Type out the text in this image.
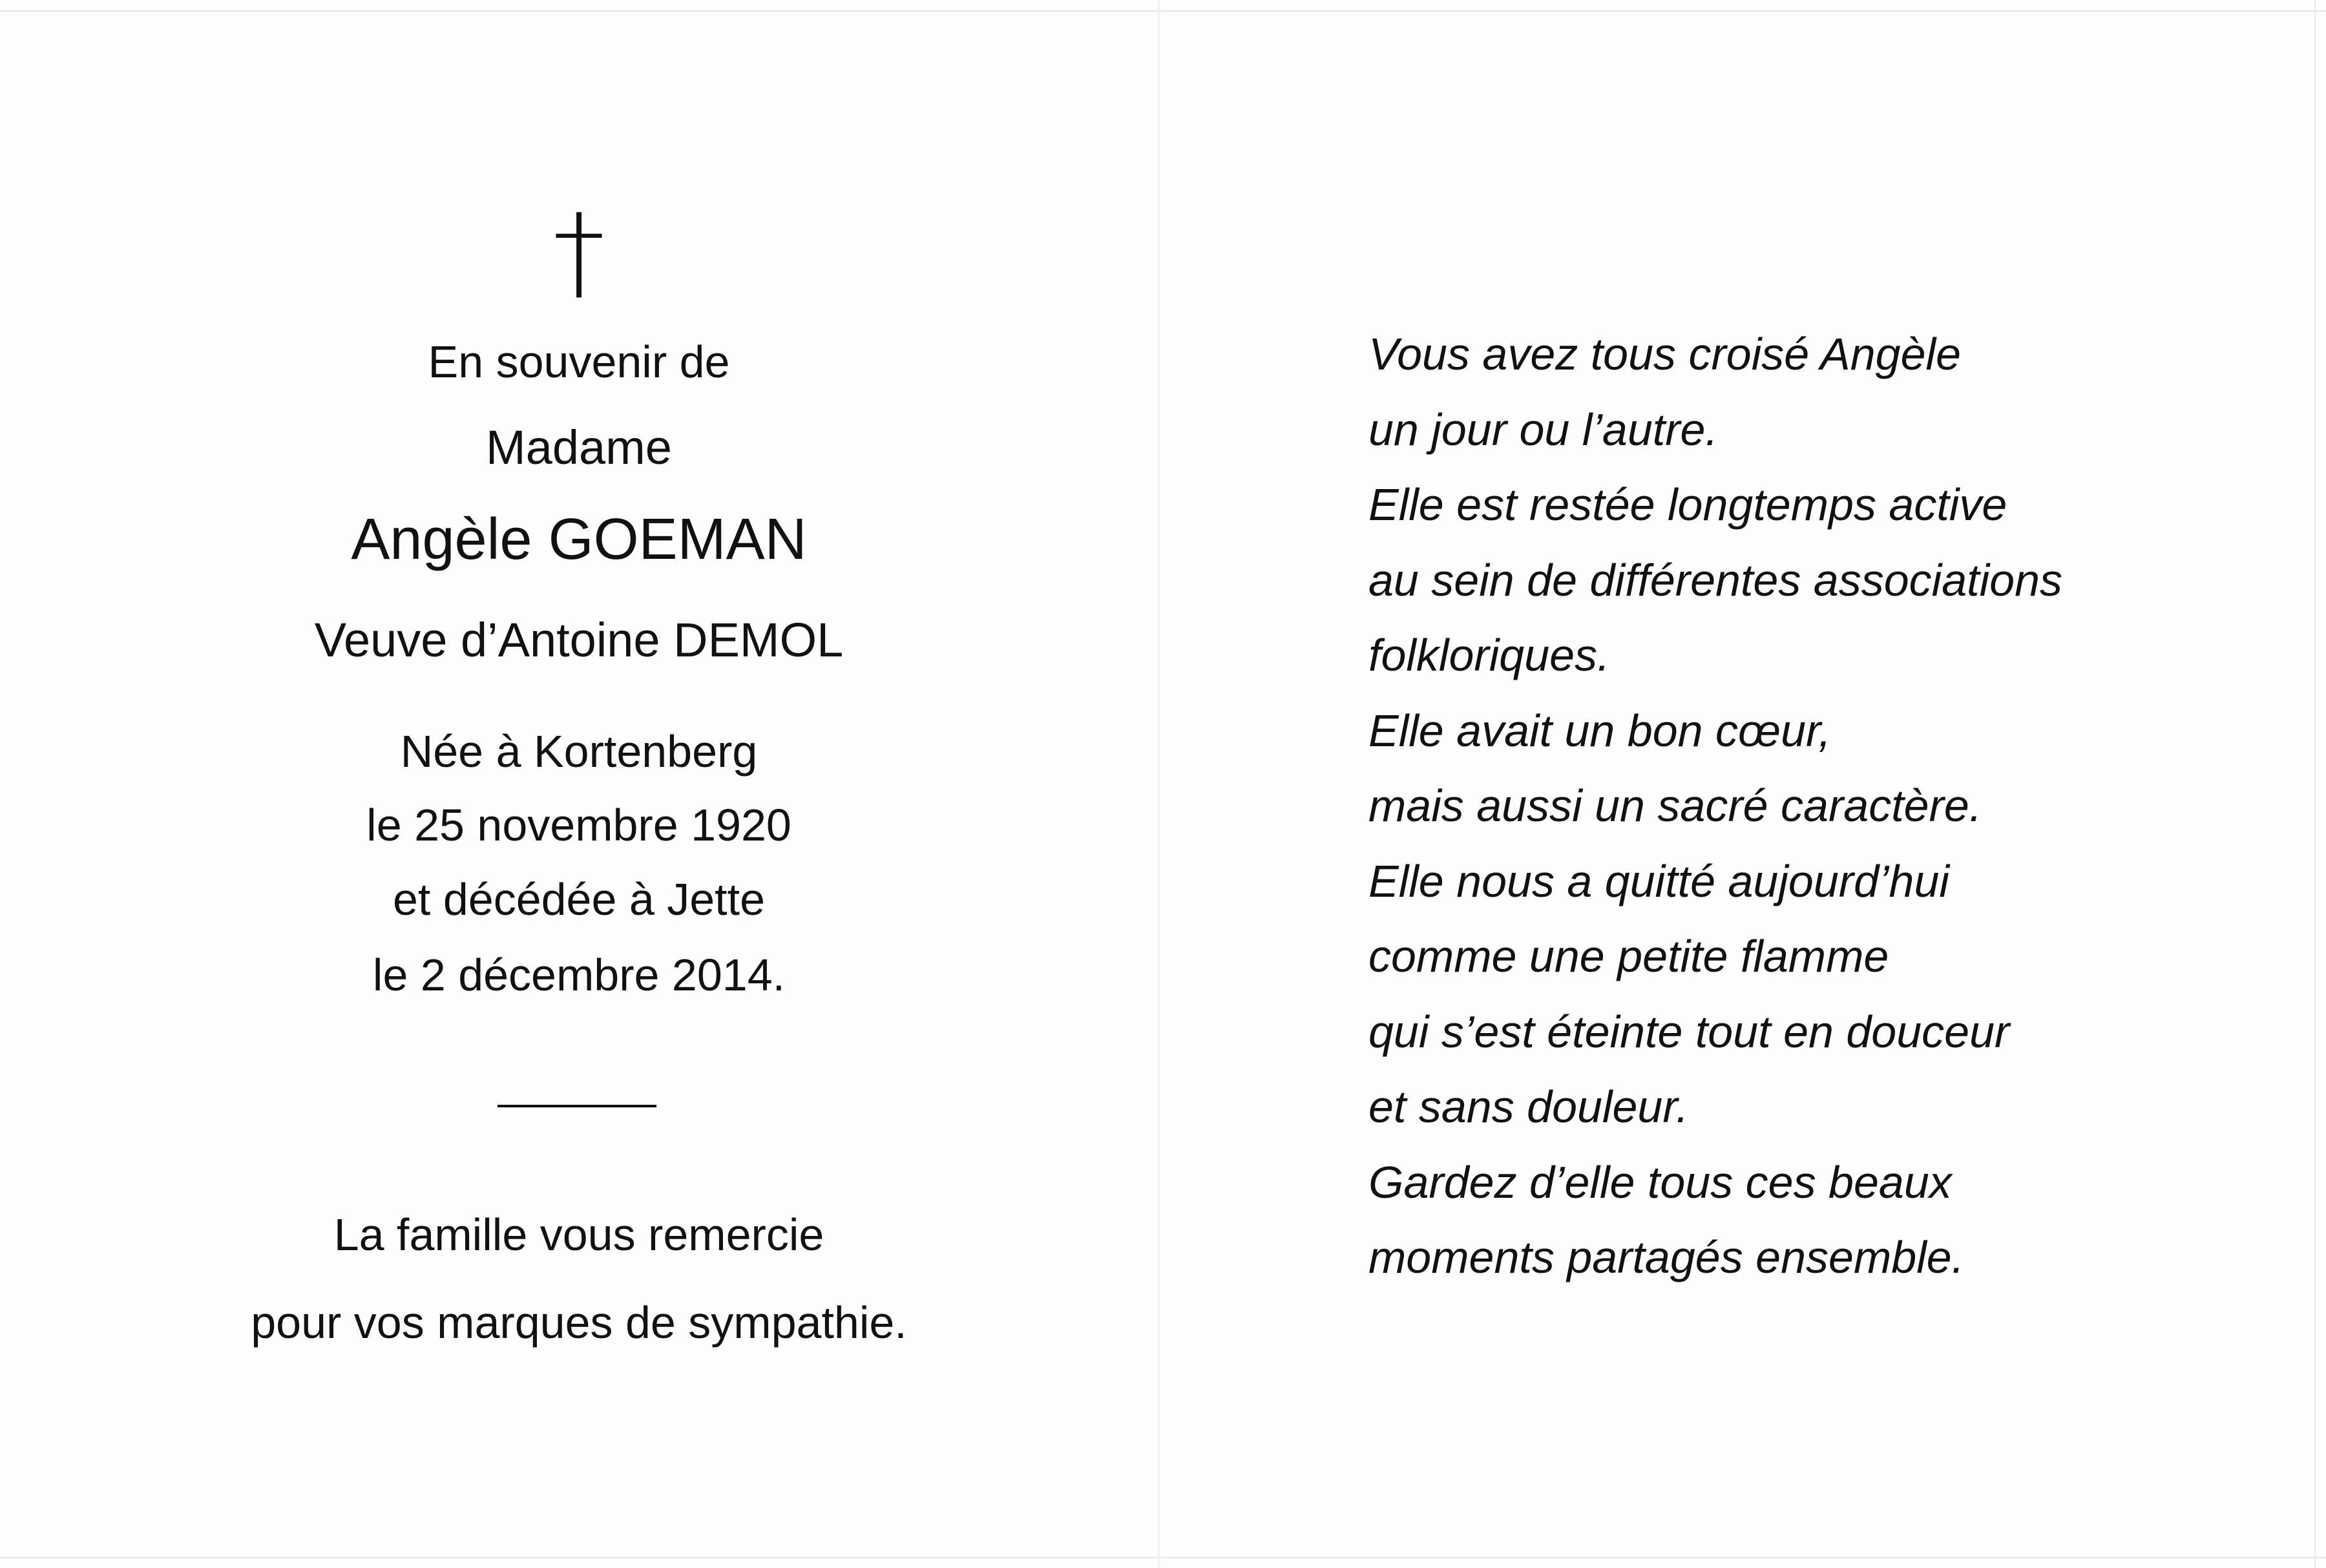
†
En souvenir de
Madame
Angèle GOEMAN
Veuve d’Antoine DEMOL
Née à Kortenberg
le 25 novembre 1920
et décédée à Jette
le 2 décembre 2014.
La famille vous remercie
pour vos marques de sympathie.
Vous avez tous croisé Angèle
un jour ou l’autre.
Elle est restée longtemps active
au sein de différentes associations
folkloriques.
Elle avait un bon cœur,
mais aussi un sacré caractère.
Elle nous a quitté aujourd’hui
comme une petite flamme
qui s’est éteinte tout en douceur
et sans douleur.
Gardez d’elle tous ces beaux
moments partagés ensemble.
